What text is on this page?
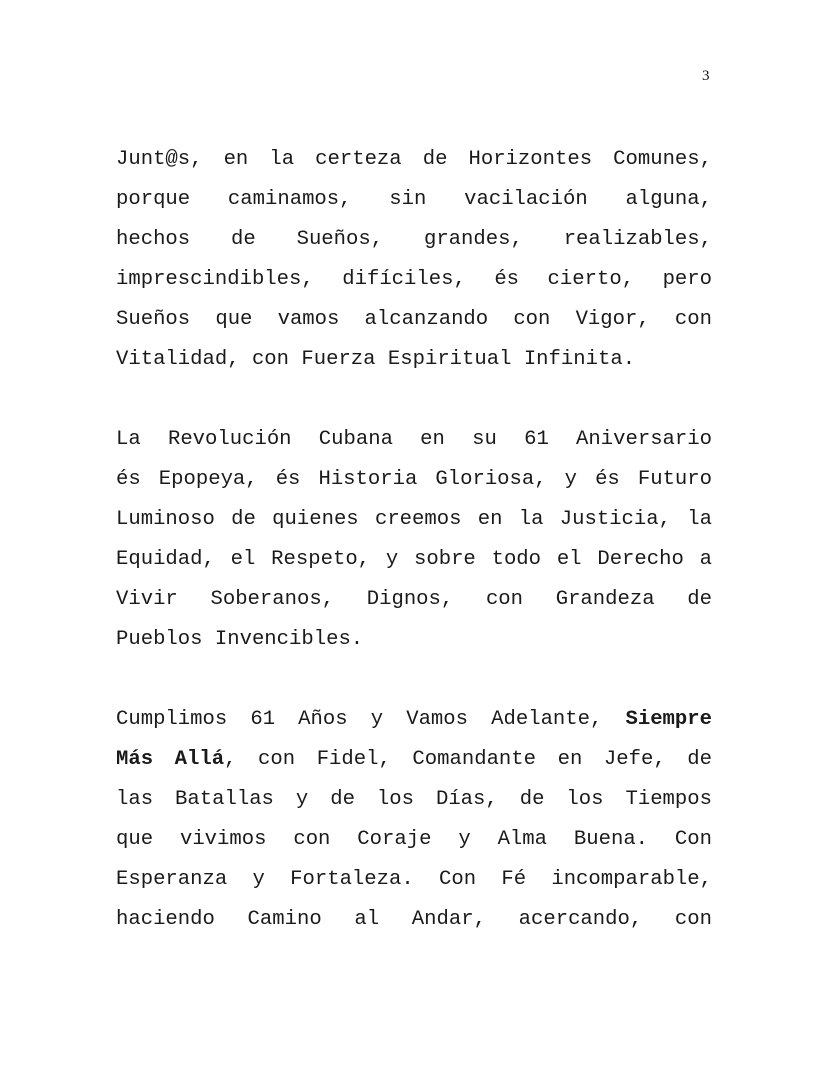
3
Junt@s, en la certeza de Horizontes Comunes,
porque caminamos, sin vacilación alguna,
hechos de Sueños, grandes, realizables,
imprescindibles, difíciles, és cierto, pero
Sueños que vamos alcanzando con Vigor, con
Vitalidad, con Fuerza Espiritual Infinita.
La Revolución Cubana en su 61 Aniversario
és Epopeya, és Historia Gloriosa, y és Futuro
Luminoso de quienes creemos en la Justicia, la
Equidad, el Respeto, y sobre todo el Derecho a
Vivir Soberanos, Dignos, con Grandeza de
Pueblos Invencibles.
Cumplimos 61 Años y Vamos Adelante, Siempre
Más Allá, con Fidel, Comandante en Jefe, de
las Batallas y de los Días, de los Tiempos
que vivimos con Coraje y Alma Buena. Con
Esperanza y Fortaleza. Con Fé incomparable,
haciendo Camino al Andar, acercando, con
